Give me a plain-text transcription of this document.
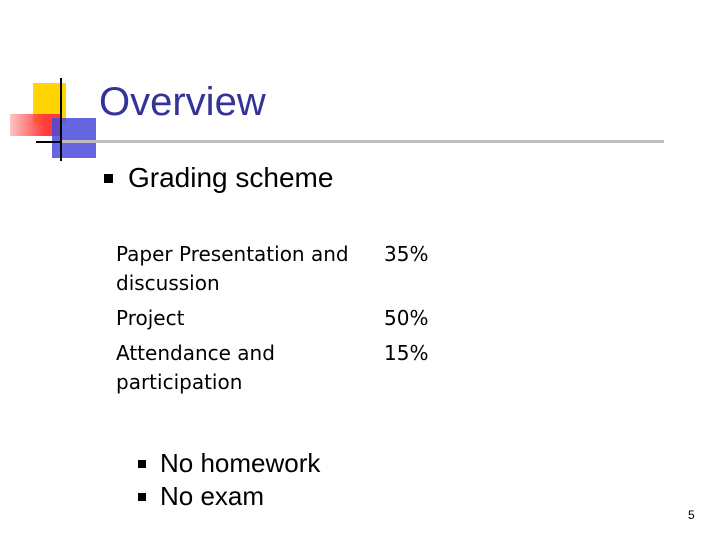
Overview
Grading scheme
Paper Presentation and discussion	35%
Project	50%
Attendance and participation	15%
No homework
No exam
5
